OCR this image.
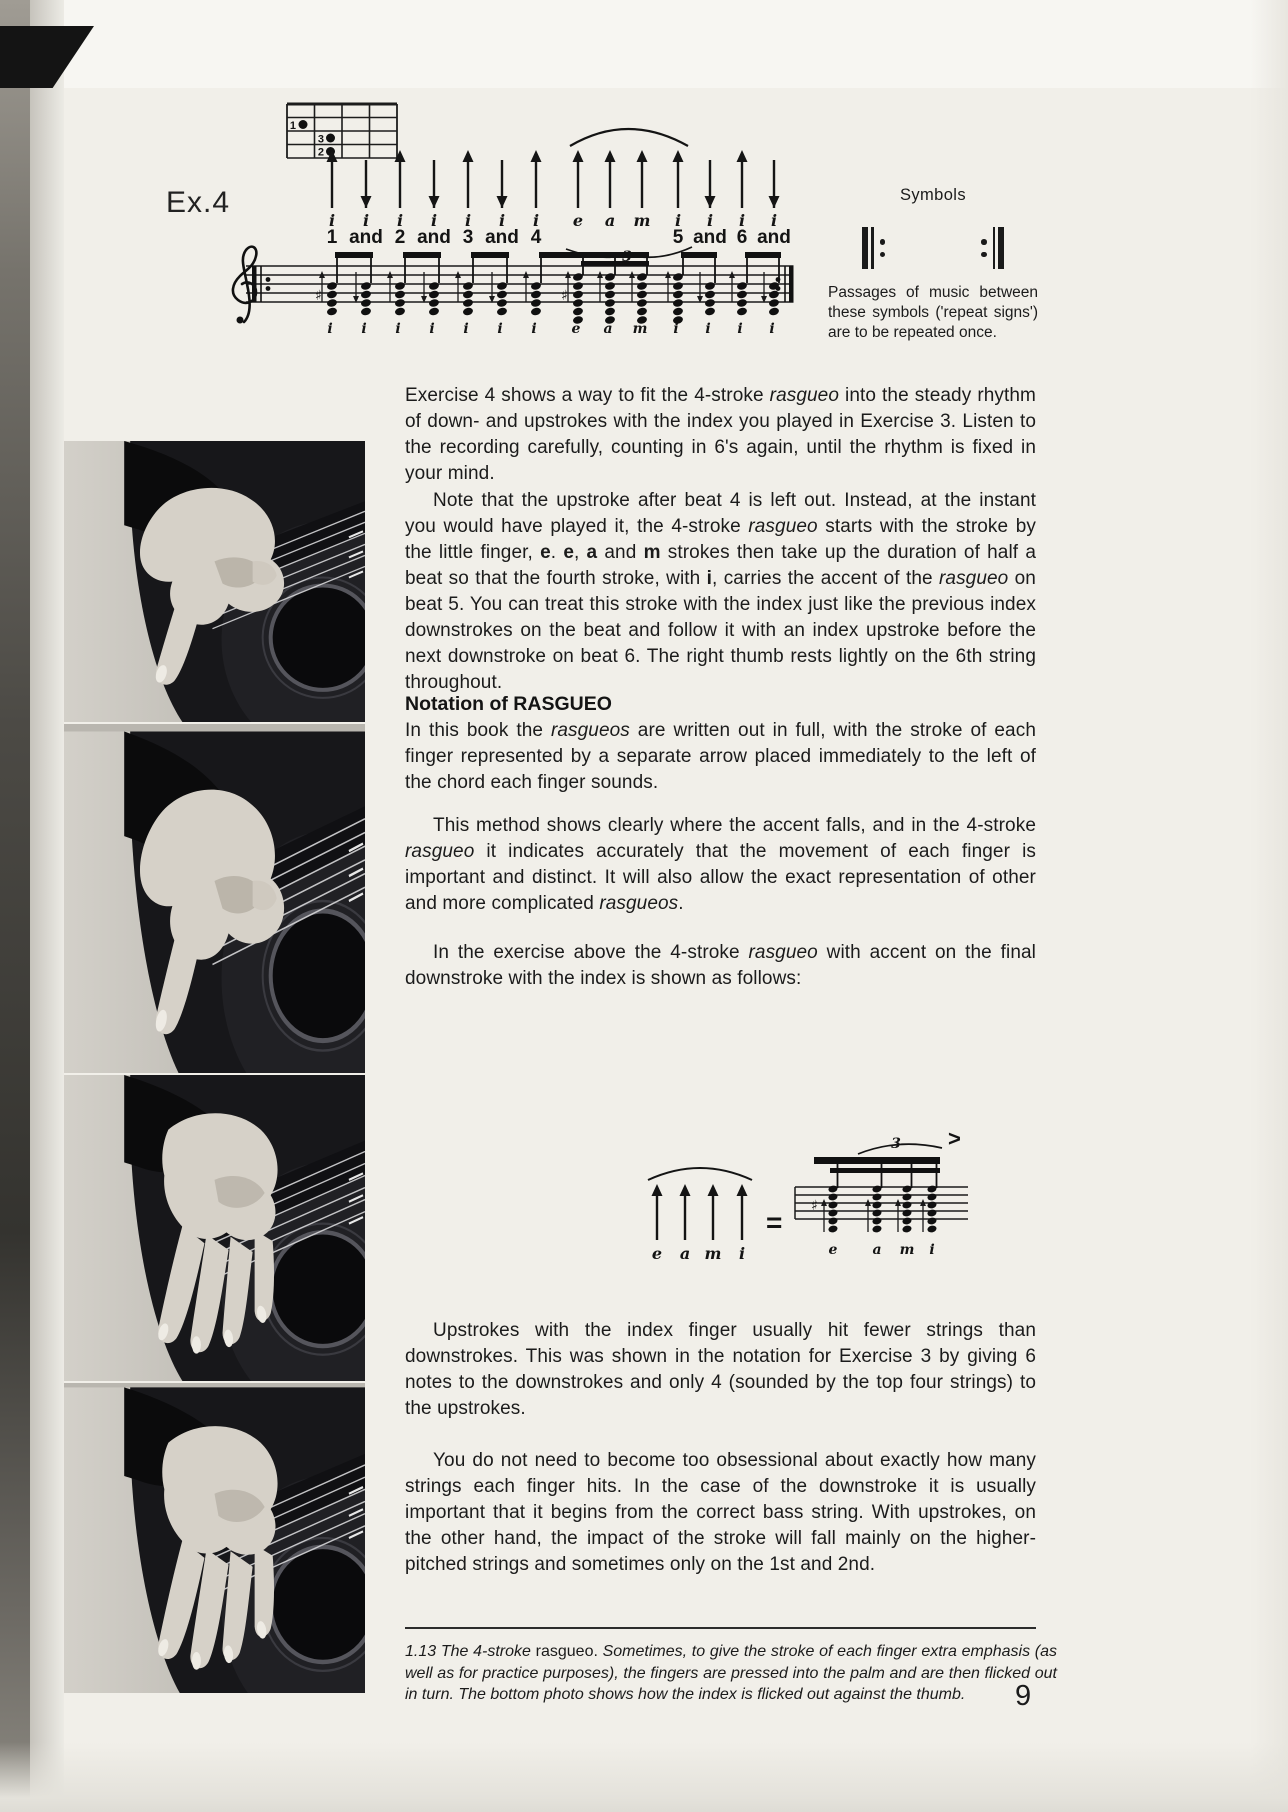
Ex.4
1
3
2
i
i
i
i
i
i
i
i
i
i
i
i
i
i
e
e
a
a
m
m
i
i
i
i
i
i
i
i
♯	♯
1 and 2 and 3 and 4	5 and 6 and
Symbols
Passages of music between these symbols ('repeat signs') are to be repeated once.
Exercise 4 shows a way to fit the 4-stroke rasgueo into the steady rhythm of down- and upstrokes with the index you played in Exercise 3. Listen to the recording carefully, counting in 6's again, until the rhythm is fixed in your mind.
Note that the upstroke after beat 4 is left out. Instead, at the instant you would have played it, the 4-stroke rasgueo starts with the stroke by the little finger, e. e, a and m strokes then take up the duration of half a beat so that the fourth stroke, with i, carries the accent of the rasgueo on beat 5. You can treat this stroke with the index just like the previous index downstrokes on the beat and follow it with an index upstroke before the next downstroke on beat 6. The right thumb rests lightly on the 6th string throughout.
Notation of RASGUEO
In this book the rasgueos are written out in full, with the stroke of each finger represented by a separate arrow placed immediately to the left of the chord each finger sounds.
This method shows clearly where the accent falls, and in the 4-stroke rasgueo it indicates accurately that the movement of each finger is important and distinct. It will also allow the exact representation of other and more complicated rasgueos.
In the exercise above the 4-stroke rasgueo with accent on the final downstroke with the index is shown as follows:
Upstrokes with the index finger usually hit fewer strings than downstrokes. This was shown in the notation for Exercise 3 by giving 6 notes to the downstrokes and only 4 (sounded by the top four strings) to the upstrokes.
You do not need to become too obsessional about exactly how many strings each finger hits. In the case of the downstroke it is usually important that it begins from the correct bass string. With upstrokes, on the other hand, the impact of the stroke will fall mainly on the higher-pitched strings and sometimes only on the 1st and 2nd.
e a m i
=
3 >
♯
e	a m i
1.13 The 4-stroke rasgueo. Sometimes, to give the stroke of each finger extra emphasis (as well as for practice purposes), the fingers are pressed into the palm and are then flicked out in turn. The bottom photo shows how the index is flicked out against the thumb.	9
